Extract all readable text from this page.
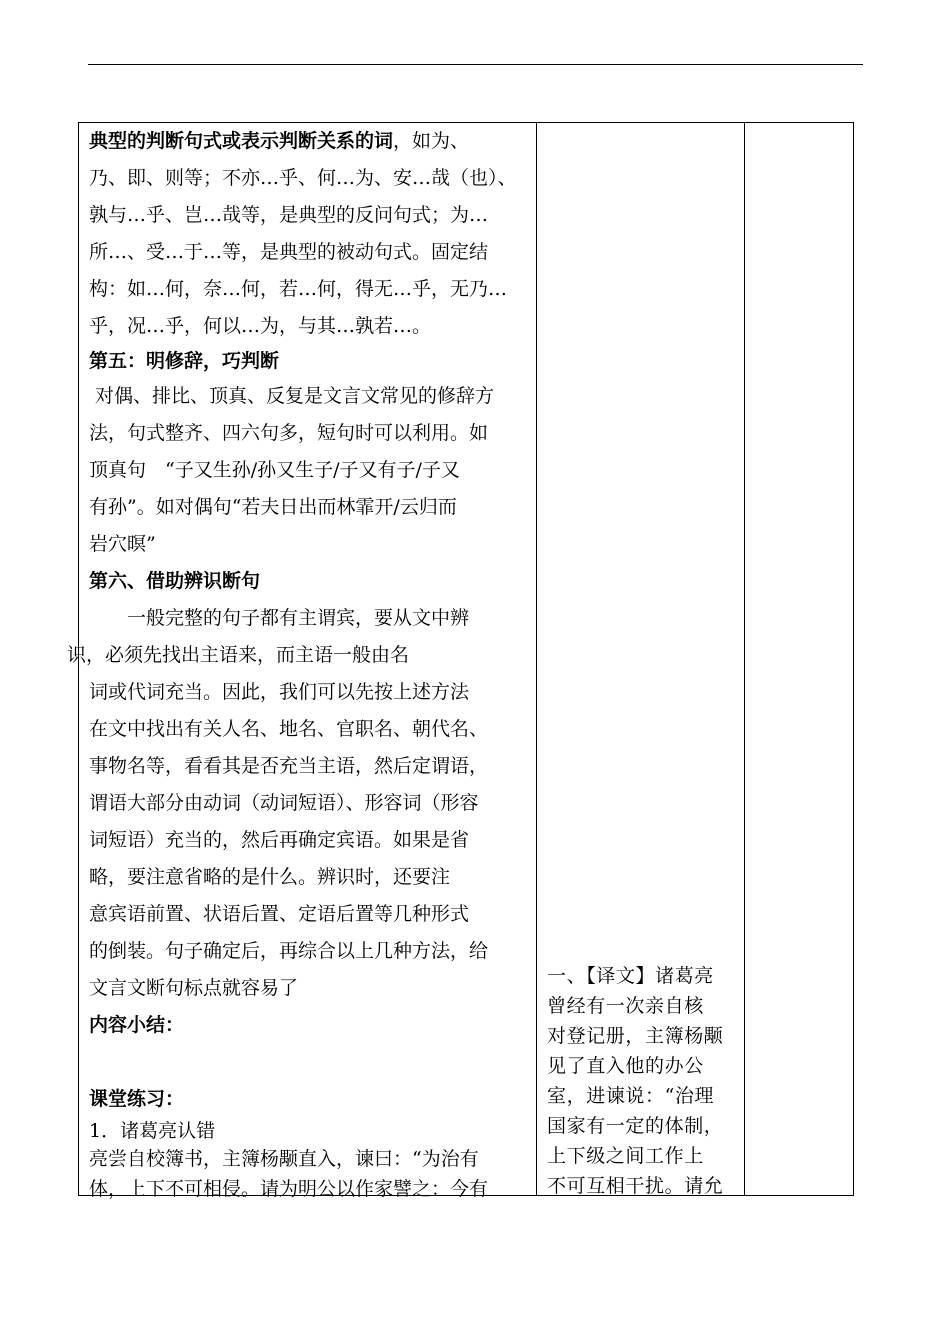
典型的判断句式或表示判断关系的词，如为、
乃、即、则等；不亦…乎、何…为、安…哉（也）、
孰与…乎、岂…哉等，是典型的反问句式；为…
所…、受…于…等，是典型的被动句式。固定结
构：如…何，奈…何，若…何，得无…乎，无乃…
乎，况…乎，何以…为，与其…孰若…。
第五：明修辞，巧判断
对偶、排比、顶真、反复是文言文常见的修辞方
法，句式整齐、四六句多，短句时可以利用。如
顶真句　“子又生孙/孙又生子/子又有子/子又
有孙”。如对偶句“若夫日出而林霏开/云归而
岩穴暝”
第六、借助辨识断句
一般完整的句子都有主谓宾，要从文中辨
识，必须先找出主语来，而主语一般由名
词或代词充当。因此，我们可以先按上述方法
在文中找出有关人名、地名、官职名、朝代名、
事物名等，看看其是否充当主语，然后定谓语，
谓语大部分由动词（动词短语）、形容词（形容
词短语）充当的，然后再确定宾语。如果是省
略，要注意省略的是什么。辨识时，还要注
意宾语前置、状语后置、定语后置等几种形式
的倒装。句子确定后，再综合以上几种方法，给
文言文断句标点就容易了
内容小结：
课堂练习：
1．诸葛亮认错
亮尝自校簿书，主簿杨颙直入，谏曰：“为治有
体，上下不可相侵。请为明公以作家譬之：今有
一、【译文】诸葛亮
曾经有一次亲自核
对登记册，主簿杨颙
见了直入他的办公
室，进谏说：“治理
国家有一定的体制，
上下级之间工作上
不可互相干扰。请允
